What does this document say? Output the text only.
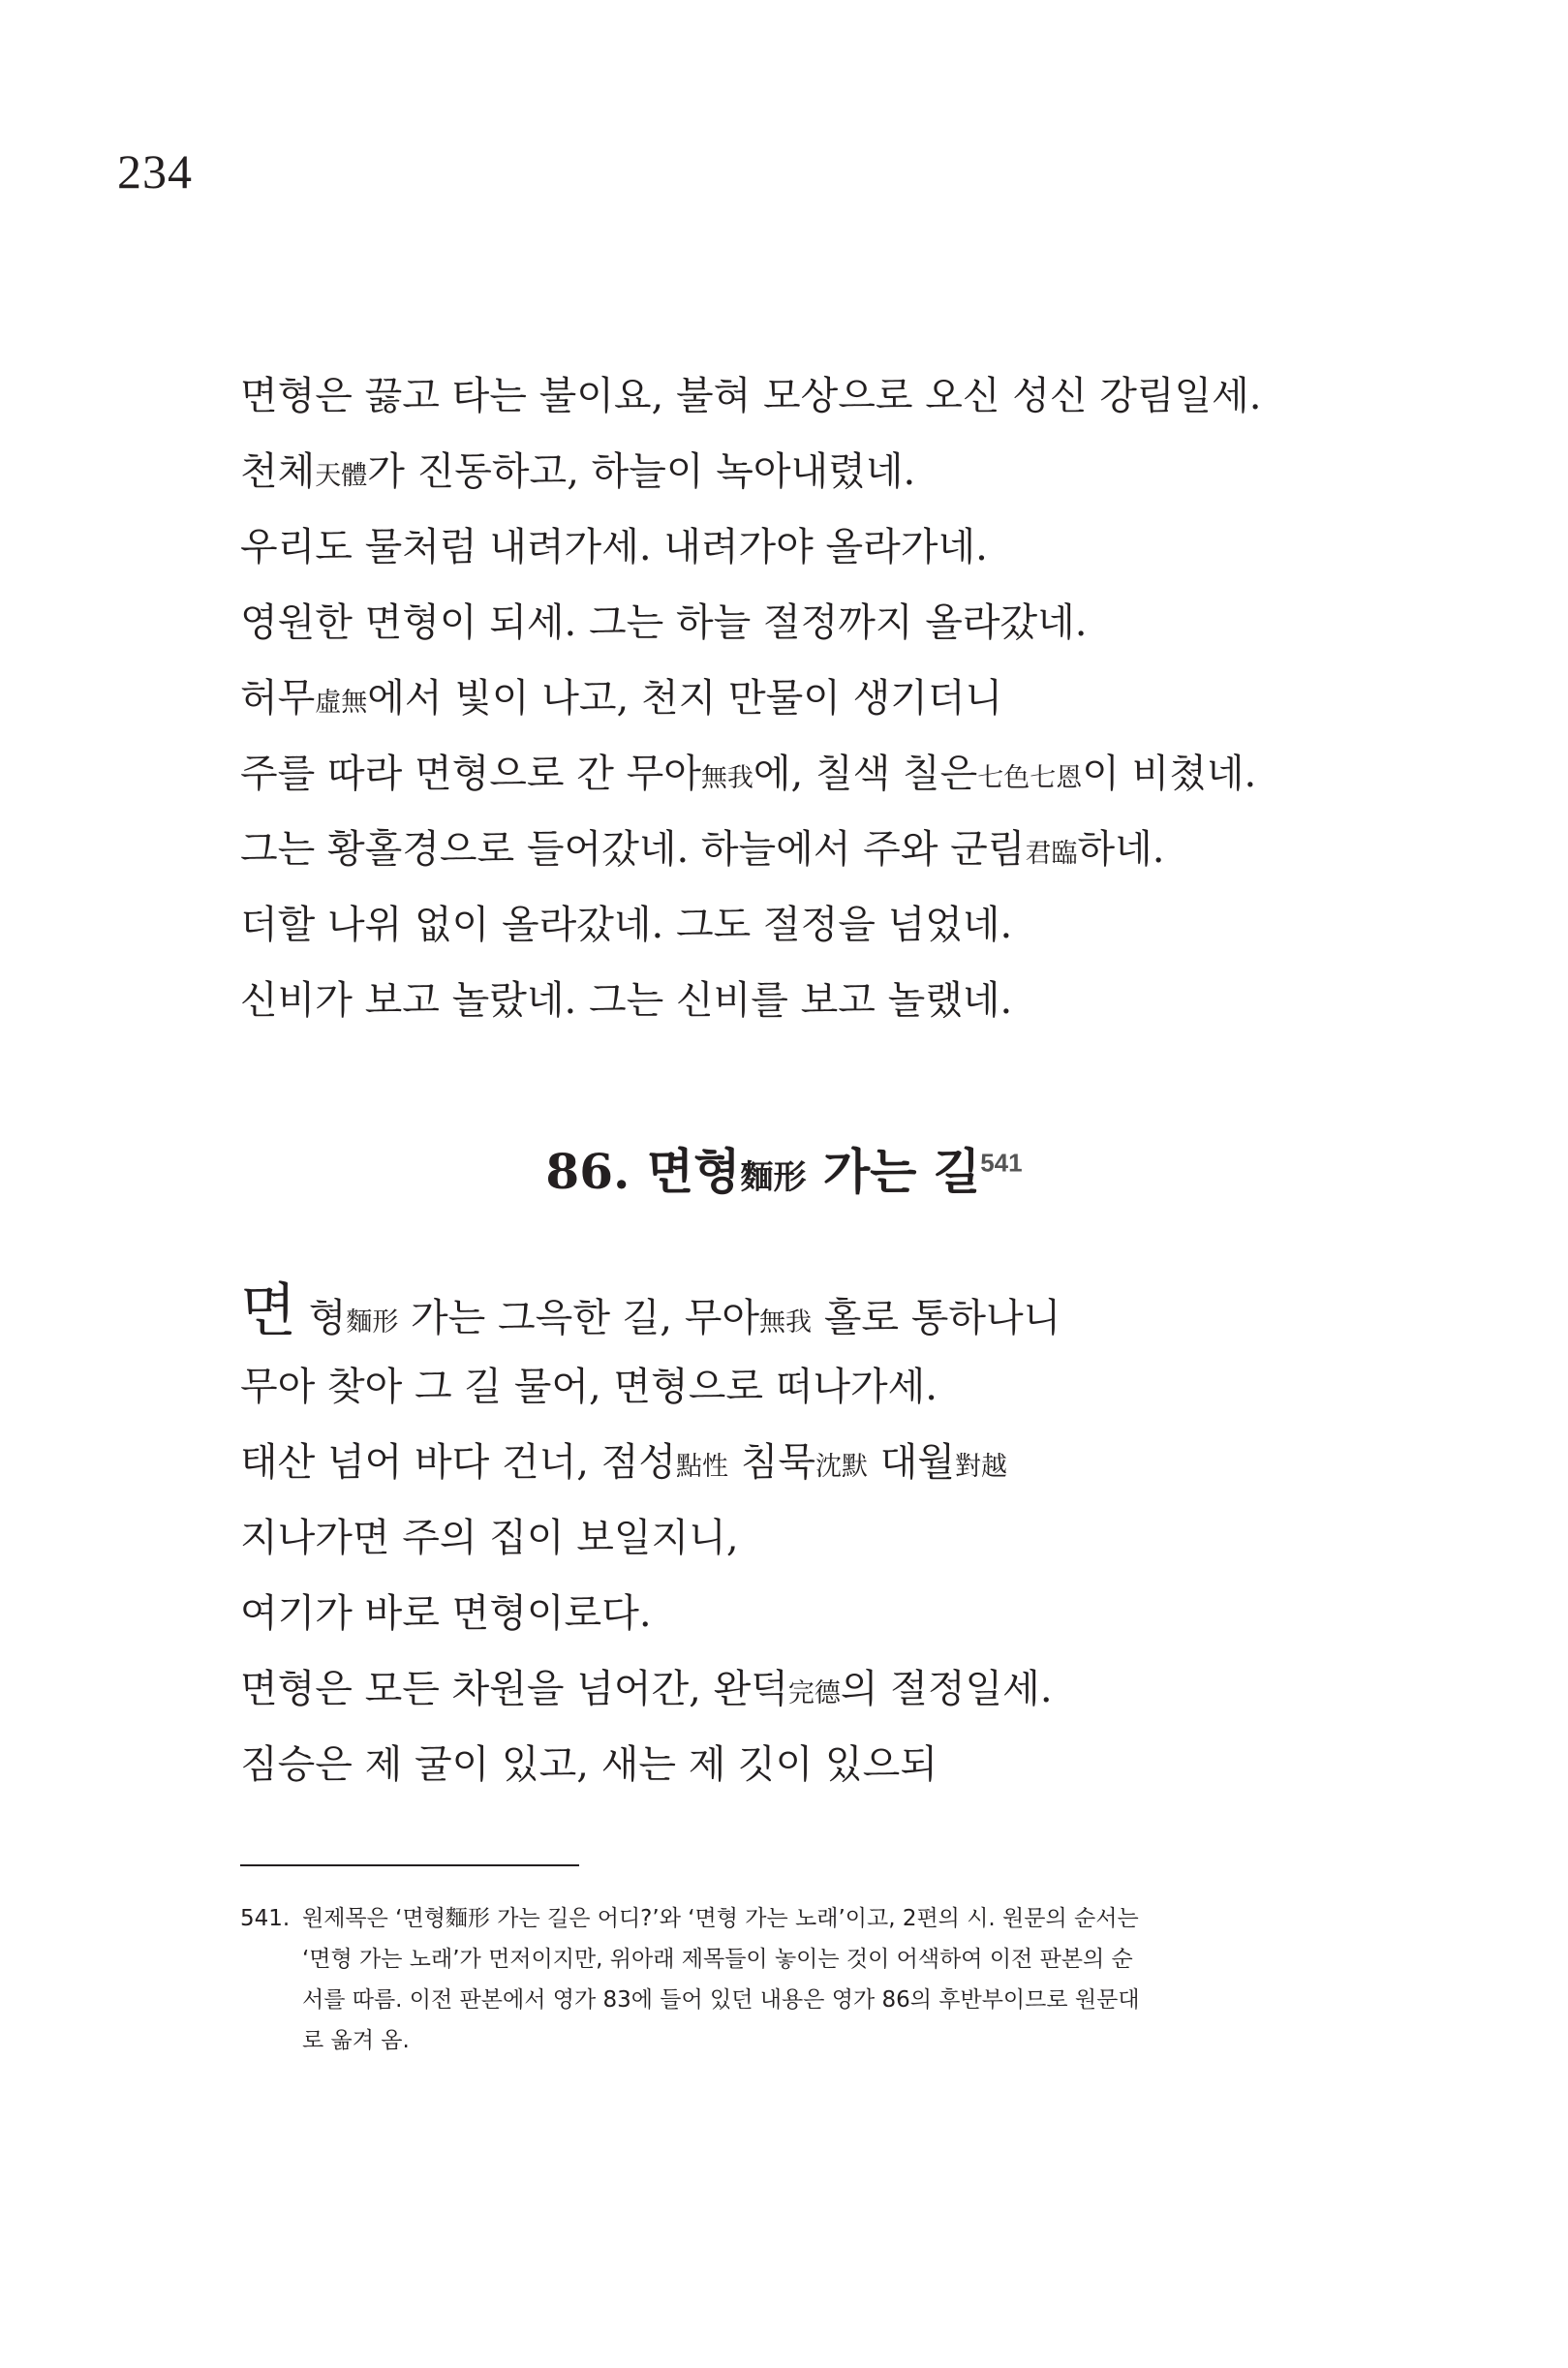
234
면형은 끓고 타는 불이요, 불혀 모상으로 오신 성신 강림일세.
천체天體가 진동하고, 하늘이 녹아내렸네.
우리도 물처럼 내려가세. 내려가야 올라가네.
영원한 면형이 되세. 그는 하늘 절정까지 올라갔네.
허무虛無에서 빛이 나고, 천지 만물이 생기더니
주를 따라 면형으로 간 무아無我에, 칠색 칠은七色七恩이 비쳤네.
그는 황홀경으로 들어갔네. 하늘에서 주와 군림君臨하네.
더할 나위 없이 올라갔네. 그도 절정을 넘었네.
신비가 보고 놀랐네. 그는 신비를 보고 놀랬네.
86. 면형麵形 가는 길$^{541}$
면 형麵形 가는 그윽한 길, 무아無我 홀로 통하나니
무아 찾아 그 길 물어, 면형으로 떠나가세.
태산 넘어 바다 건너, 점성點性 침묵沈默 대월對越
지나가면 주의 집이 보일지니,
여기가 바로 면형이로다.
면형은 모든 차원을 넘어간, 완덕完德의 절정일세.
짐승은 제 굴이 있고, 새는 제 깃이 있으되
541. 원제목은 ‘면형麵形 가는 길은 어디?’와 ‘면형 가는 노래’이고, 2편의 시. 원문의 순서는
‘면형 가는 노래’가 먼저이지만, 위아래 제목들이 놓이는 것이 어색하여 이전 판본의 순
서를 따름. 이전 판본에서 영가 83에 들어 있던 내용은 영가 86의 후반부이므로 원문대
로 옮겨 옴.
